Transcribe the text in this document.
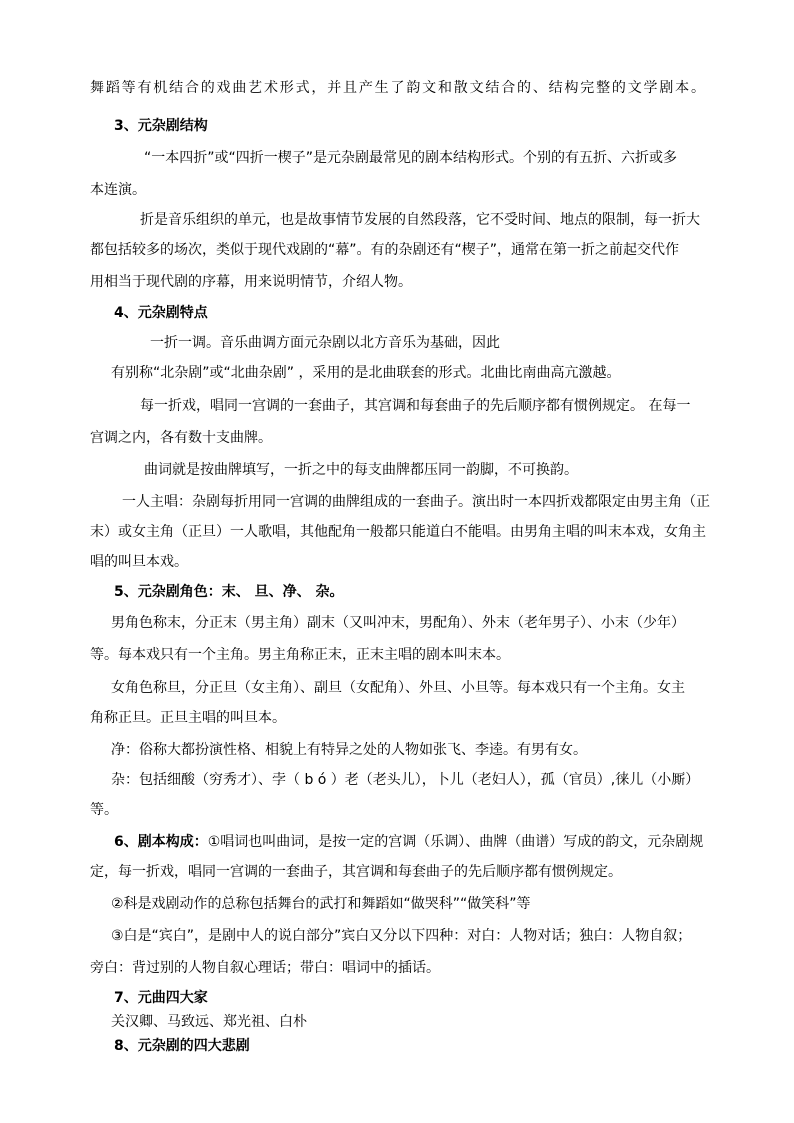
舞蹈等有机结合的戏曲艺术形式，并且产生了韵文和散文结合的、结构完整的文学剧本。
3、元杂剧结构
“一本四折”或“四折一楔子”是元杂剧最常见的剧本结构形式。个别的有五折、六折或多
本连演。
折是音乐组织的单元，也是故事情节发展的自然段落，它不受时间、地点的限制，每一折大
都包括较多的场次，类似于现代戏剧的“幕”。有的杂剧还有“楔子”，通常在第一折之前起交代作
用相当于现代剧的序幕，用来说明情节，介绍人物。
4、元杂剧特点
一折一调。音乐曲调方面元杂剧以北方音乐为基础，因此
有别称“北杂剧”或“北曲杂剧” ，采用的是北曲联套的形式。北曲比南曲高亢激越。
每一折戏，唱同一宫调的一套曲子，其宫调和每套曲子的先后顺序都有惯例规定。 在每一
宫调之内，各有数十支曲牌。
曲词就是按曲牌填写，一折之中的每支曲牌都压同一韵脚，不可换韵。
一人主唱：杂剧每折用同一宫调的曲牌组成的一套曲子。演出时一本四折戏都限定由男主角（正
末）或女主角（正旦）一人歌唱，其他配角一般都只能道白不能唱。由男角主唱的叫末本戏，女角主
唱的叫旦本戏。
5、元杂剧角色：末、 旦、净、 杂。
男角色称末，分正末（男主角）副末（又叫冲末，男配角）、外末（老年男子）、小末（少年）
等。每本戏只有一个主角。男主角称正末，正末主唱的剧本叫末本。
女角色称旦，分正旦（女主角）、副旦（女配角）、外旦、小旦等。每本戏只有一个主角。女主
角称正旦。正旦主唱的叫旦本。
净：俗称大都扮演性格、相貌上有特异之处的人物如张飞、李逵。有男有女。
杂：包括细酸（穷秀才）、孛（ b ó ）老（老头儿），卜儿（老妇人），孤（官员）,徕儿（小厮）
等。
6、剧本构成：①唱词也叫曲词，是按一定的宫调（乐调）、曲牌（曲谱）写成的韵文，元杂剧规
定，每一折戏，唱同一宫调的一套曲子，其宫调和每套曲子的先后顺序都有惯例规定。
②科是戏剧动作的总称包括舞台的武打和舞蹈如“做哭科”“做笑科”等
③白是“宾白”，是剧中人的说白部分”宾白又分以下四种：对白：人物对话；独白：人物自叙；
旁白：背过别的人物自叙心理话；带白：唱词中的插话。
7、元曲四大家
关汉卿、马致远、郑光祖、白朴
8、元杂剧的四大悲剧
